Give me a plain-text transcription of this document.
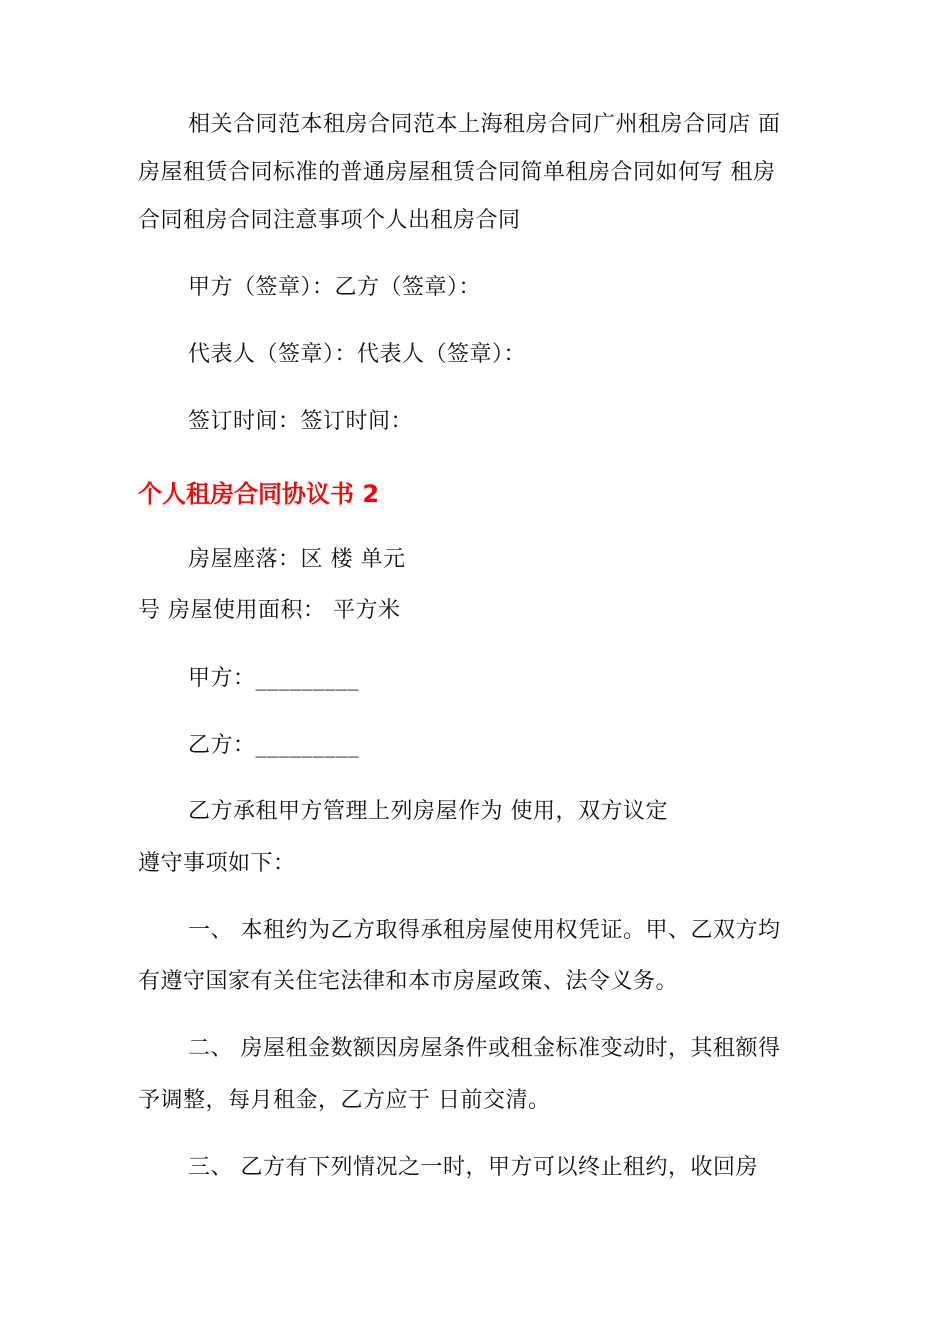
相关合同范本租房合同范本上海租房合同广州租房合同店 面
房屋租赁合同标准的普通房屋租赁合同简单租房合同如何写 租房
合同租房合同注意事项个人出租房合同
甲方（签章）：乙方（签章）：
代表人（签章）：代表人（签章）：
签订时间：签订时间：
个人租房合同协议书 2
房屋座落：区 楼 单元
号 房屋使用面积： 平方米
甲方：_________
乙方：_________
乙方承租甲方管理上列房屋作为 使用，双方议定
遵守事项如下：
一、 本租约为乙方取得承租房屋使用权凭证。甲、乙双方均
有遵守国家有关住宅法律和本市房屋政策、法令义务。
二、 房屋租金数额因房屋条件或租金标准变动时，其租额得
予调整，每月租金，乙方应于 日前交清。
三、 乙方有下列情况之一时，甲方可以终止租约，收回房
